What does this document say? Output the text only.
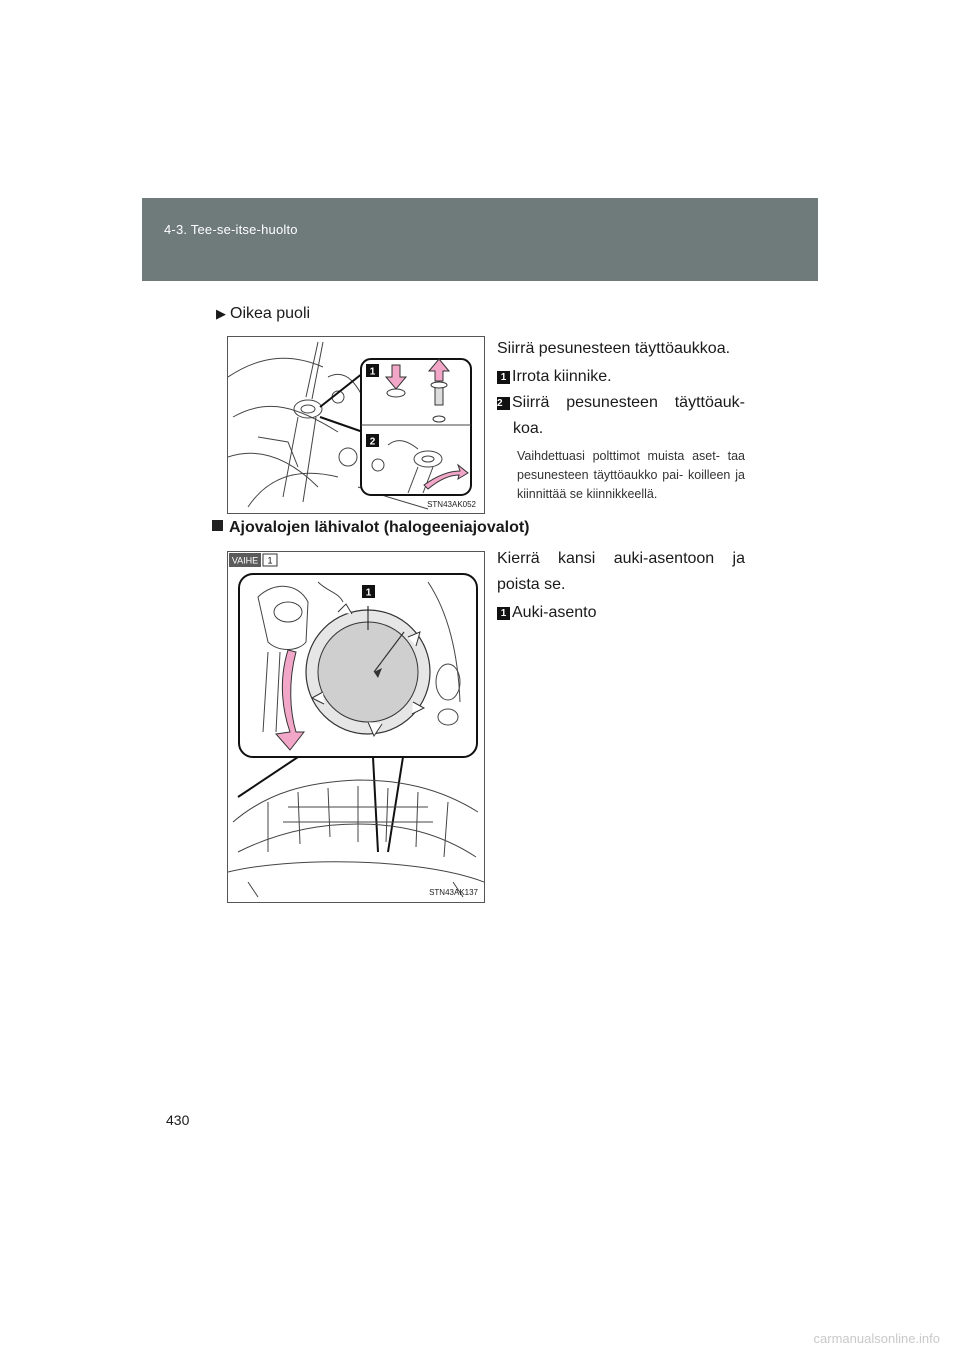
4-3. Tee-se-itse-huolto
▶ Oikea puoli
1
2
STN43AK052
Siirrä pesunesteen täyttöaukkoa.
1 Irrota kiinnike.
2 Siirrä pesunesteen täyttöauk-
koa.
Vaihdettuasi polttimot muista aset- taa pesunesteen täyttöaukko pai- koilleen ja kiinnittää se kiinnikkeellä.
Ajovalojen lähivalot (halogeeniajovalot)
VAIHE 1
1
STN43AK137
Kierrä kansi auki-asentoon ja poista se.
1 Auki-asento
430
carmanualsonline.info
